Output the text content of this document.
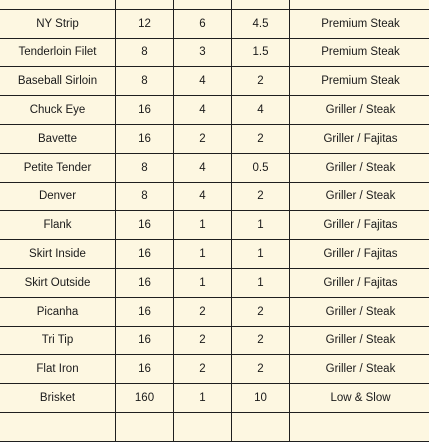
NY Strip	12	6	4.5	Premium Steak
Tenderloin Filet	8	3	1.5	Premium Steak
Baseball Sirloin	8	4	2	Premium Steak
Chuck Eye	16	4	4	Griller / Steak
Bavette	16	2	2	Griller / Fajitas
Petite Tender	8	4	0.5	Griller / Steak
Denver	8	4	2	Griller / Steak
Flank	16	1	1	Griller / Fajitas
Skirt Inside	16	1	1	Griller / Fajitas
Skirt Outside	16	1	1	Griller / Fajitas
Picanha	16	2	2	Griller / Steak
Tri Tip	16	2	2	Griller / Steak
Flat Iron	16	2	2	Griller / Steak
Brisket	160	1	10	Low & Slow
